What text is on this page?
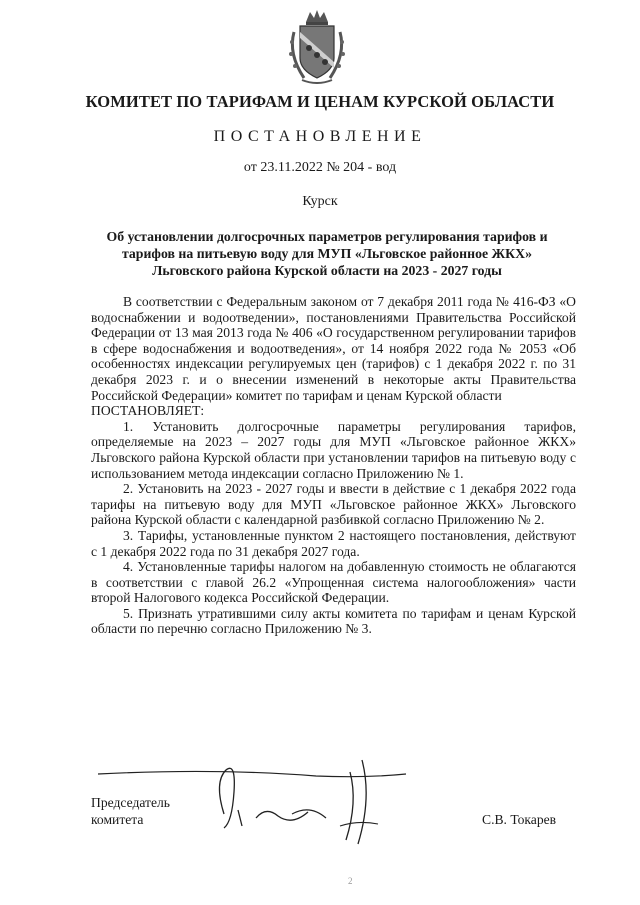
КОМИТЕТ ПО ТАРИФАМ И ЦЕНАМ КУРСКОЙ ОБЛАСТИ
ПОСТАНОВЛЕНИЕ
от 23.11.2022 № 204 - вод
Курск
Об установлении долгосрочных параметров регулирования тарифов и тарифов на питьевую воду для МУП «Льговское районное ЖКХ» Льговского района Курской области на 2023 - 2027 годы

В соответствии с Федеральным законом от 7 декабря 2011 года № 416-ФЗ «О водоснабжении и водоотведении», постановлениями Правительства Российской Федерации от 13 мая 2013 года № 406 «О государственном регулировании тарифов в сфере водоснабжения и водоотведения», от 14 ноября 2022 года № 2053 «Об особенностях индексации регулируемых цен (тарифов) с 1 декабря 2022 г. по 31 декабря 2023 г. и о внесении изменений в некоторые акты Правительства Российской Федерации» комитет по тарифам и ценам Курской области

ПОСТАНОВЛЯЕТ:

1. Установить долгосрочные параметры регулирования тарифов, определяемые на 2023 – 2027 годы для МУП «Льговское районное ЖКХ» Льговского района Курской области при установлении тарифов на питьевую воду с использованием метода индексации согласно Приложению № 1.

2. Установить на 2023 - 2027 годы и ввести в действие с 1 декабря 2022 года тарифы на питьевую воду для МУП «Льговское районное ЖКХ» Льговского района Курской области с календарной разбивкой согласно Приложению № 2.

3. Тарифы, установленные пунктом 2 настоящего постановления, действуют с 1 декабря 2022 года по 31 декабря 2027 года.

4. Установленные тарифы налогом на добавленную стоимость не облагаются в соответствии с главой 26.2 «Упрощенная система налогообложения» части второй Налогового кодекса Российской Федерации.

5. Признать утратившими силу акты комитета по тарифам и ценам Курской области по перечню согласно Приложению № 3.

Председатель
комитета	С.В. Токарев
2
